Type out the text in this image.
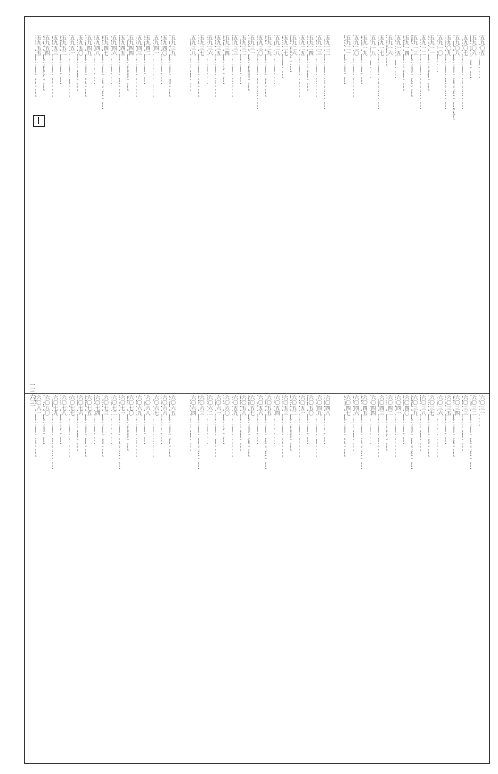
五九〇五
五九〇六
五九〇七
五九〇八
五九〇九
五九一〇
五九一一
五九一二
五九一三
五九一四
五九一五
五九一六
五九一七
五九一八
五九一九
五九二〇
五九二一
五九二二
五九二三
五九二四
五九二五
五九二六
五九二七
五九二八
五九二九
五九三〇
五九三一
五九三二
五九三三
五九三四
五九三五
五九三六
五九三七
五九三八
五九三九
五九四〇
五九四一
五九四二
五九四三
五九四四
五九四五
五九四六
五九四七
五九四八
五九四九
五九五〇
五九五一
五九五二
五九五三
五九五四
五九五五
六〇三一
六〇三二
六〇三三
六〇三四
六〇三五
六〇三六
六〇三七
六〇三八
六〇三九
六〇四〇
六〇四一
六〇四二
六〇四三
六〇四四
六〇四五
六〇四六
六〇四七
六〇四八
六〇四九
六〇五〇
六〇五一
六〇五二
六〇五三
六〇五四
六〇五五
六〇五六
六〇五七
六〇五八
六〇五九
六〇六〇
六〇六一
六〇六二
六〇六三
六〇六四
六〇六五
六〇六六
六〇六七
六〇六八
六〇六九
六〇七〇
六〇七一
六〇七二
六〇七三
六〇七四
六〇七五
六〇七六
六〇七七
六〇七八
六〇七九
六〇八〇
六〇八一
一三六三
